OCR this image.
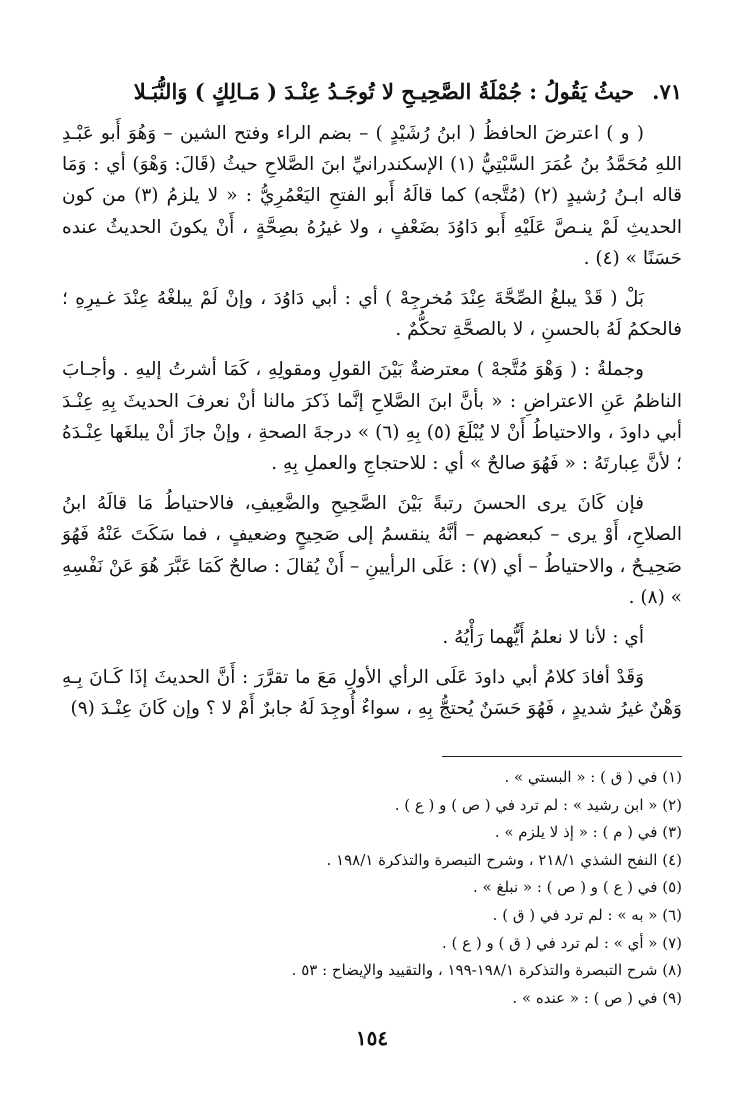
٧١.حيثُ يَقُولُ : جُمْلَةُ الصَّحِيـحِ لا تُوجَـدُ عِنْـدَ ( مَـالِكٍ ) وَالنُّبَـلا

( و ) اعترضَ الحافظُ ( ابنُ رُشَيْدٍ ) – بضم الراء وفتح الشين – وَهُوَ أَبو عَبْـدِ اللهِ مُحَمَّدُ بنُ عُمَرَ السَّبْتِيُّ (١) الإسكندرانيِّ ابنَ الصَّلاحِ حيثُ (قَالَ: وَهْوَ) أي : وَمَا قاله ابـنُ رُشيدٍ (٢) (مُتَّجه) كما قالَهُ أَبو الفتحِ اليَعْمُرِيُّ : « لا يلزمُ (٣) من كون الحديثِ لَمْ ينـصَّ عَلَيْهِ أَبو دَاوُدَ بضَعْفٍ ، ولا غيرُهُ بصِحَّةٍ ، أَنْ يكونَ الحديثُ عنده حَسَنًا » (٤) .

بَلْ ( قَدْ يبلغُ الصِّحَّةَ عِنْدَ مُخرجِهْ ) أي : أبي دَاوُدَ ، وإنْ لَمْ يبلغْهُ عِنْدَ غـيرِهِ ؛ فالحكمُ لَهُ بالحسنِ ، لا بالصحَّةِ تحكُّمٌ .

وجملةُ : ( وَهْوَ مُتَّجهْ ) معترضةٌ بَيْنَ القولِ ومقولِهِ ، كَمَا أشرتُ إليهِ . وأجـابَ الناظمُ عَنِ الاعتراضِ : « بأنَّ ابنَ الصَّلاحِ إنَّما ذَكرَ مالنا أنْ نعرفَ الحديثَ بِهِ عِنْـدَ أبي داودَ ، والاحتياطُ أَنْ لا يُبْلَغَ (٥) بِهِ (٦) » درجةَ الصحةِ ، وإنْ جازَ أنْ يبلغَها عِنْـدَهُ ؛ لأنَّ عِبارتَهُ : « فَهُوَ صالحٌ » أي : للاحتجاجِ والعملِ بِهِ .

فإن كَانَ يرى الحسنَ رتبةً بَيْنَ الصَّحِيحِ والضَّعِيفِ، فالاحتياطُ مَا قالَهُ ابنُ الصلاحِ، أَوْ يرى – كبعضهم – أنَّهُ ينقسمُ إلى صَحِيحٍ وضعيفٍ ، فما سَكَتَ عَنْهُ فَهُوَ صَحِيـحٌ ، والاحتياطُ – أي (٧) : عَلَى الرأيينِ – أَنْ يُقالَ : صالحٌ كَمَا عَبَّرَ هُوَ عَنْ نَفْسِهِ » (٨) .

أي : لأنا لا نعلمُ أَيُّهما رَأْيُهُ .

وَقَدْ أفادَ كلامُ أبي داودَ عَلَى الرأي الأولِ مَعَ ما تقرَّرَ : أَنَّ الحديثَ إذَا كَـانَ بِـهِ وَهْنٌ غيرُ شديدٍ ، فَهُوَ حَسَنٌ يُحتجُّ بِهِ ، سواءٌ أُوجِدَ لَهُ جابرٌ أَمْ لا ؟ وإن كَانَ عِنْـدَ (٩)

(١) في ( ق ) : « البستي » .
(٢) « ابن رشيد » : لم ترد في ( ص ) و ( ع ) .
(٣) في ( م ) : « إذ لا يلزم » .
(٤) النفح الشذي ٢١٨/١ ، وشرح التبصرة والتذكرة ١٩٨/١ .
(٥) في ( ع ) و ( ص ) : « نبلغ » .
(٦) « به » : لم ترد في ( ق ) .
(٧) « أي » : لم ترد في ( ق ) و ( ع ) .
(٨) شرح التبصرة والتذكرة ١٩٨/١-١٩٩ ، والتقييد والإيضاح : ٥٣ .
(٩) في ( ص ) : « عنده » .
١٥٤
